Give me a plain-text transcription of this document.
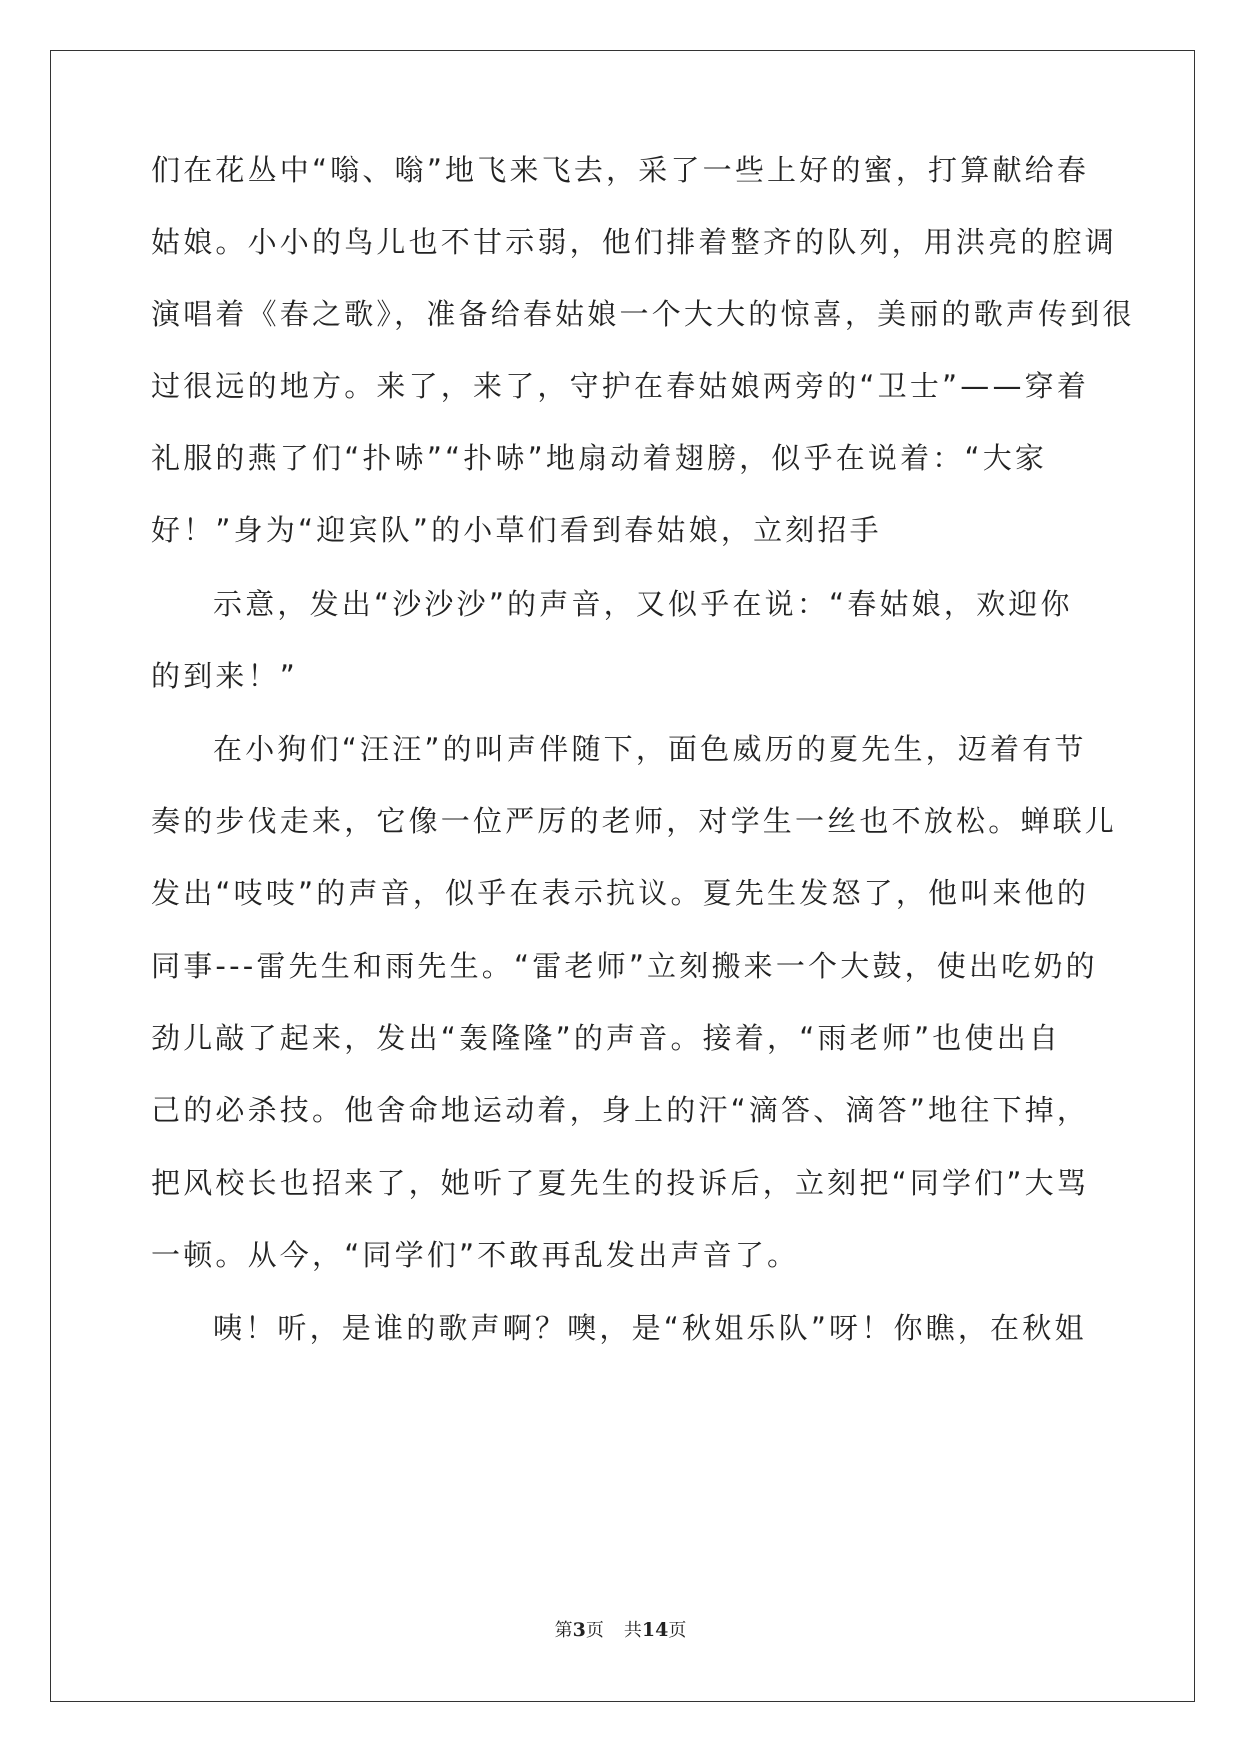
们在花丛中“嗡、嗡”地飞来飞去，采了一些上好的蜜，打算献给春
姑娘。小小的鸟儿也不甘示弱，他们排着整齐的队列，用洪亮的腔调
演唱着《春之歌》，准备给春姑娘一个大大的惊喜，美丽的歌声传到很
过很远的地方。来了，来了，守护在春姑娘两旁的“卫士”——穿着
礼服的燕了们“扑哧”“扑哧”地扇动着翅膀，似乎在说着：“大家
好！”身为“迎宾队”的小草们看到春姑娘，立刻招手
示意，发出“沙沙沙”的声音，又似乎在说：“春姑娘，欢迎你
的到来！”
在小狗们“汪汪”的叫声伴随下，面色威历的夏先生，迈着有节
奏的步伐走来，它像一位严厉的老师，对学生一丝也不放松。蝉联儿
发出“吱吱”的声音，似乎在表示抗议。夏先生发怒了，他叫来他的
同事---雷先生和雨先生。“雷老师”立刻搬来一个大鼓，使出吃奶的
劲儿敲了起来，发出“轰隆隆”的声音。接着，“雨老师”也使出自
己的必杀技。他舍命地运动着，身上的汗“滴答、滴答”地往下掉，
把风校长也招来了，她听了夏先生的投诉后，立刻把“同学们”大骂
一顿。从今，“同学们”不敢再乱发出声音了。
咦！听，是谁的歌声啊？噢，是“秋姐乐队”呀！你瞧，在秋姐
第3页 共14页
